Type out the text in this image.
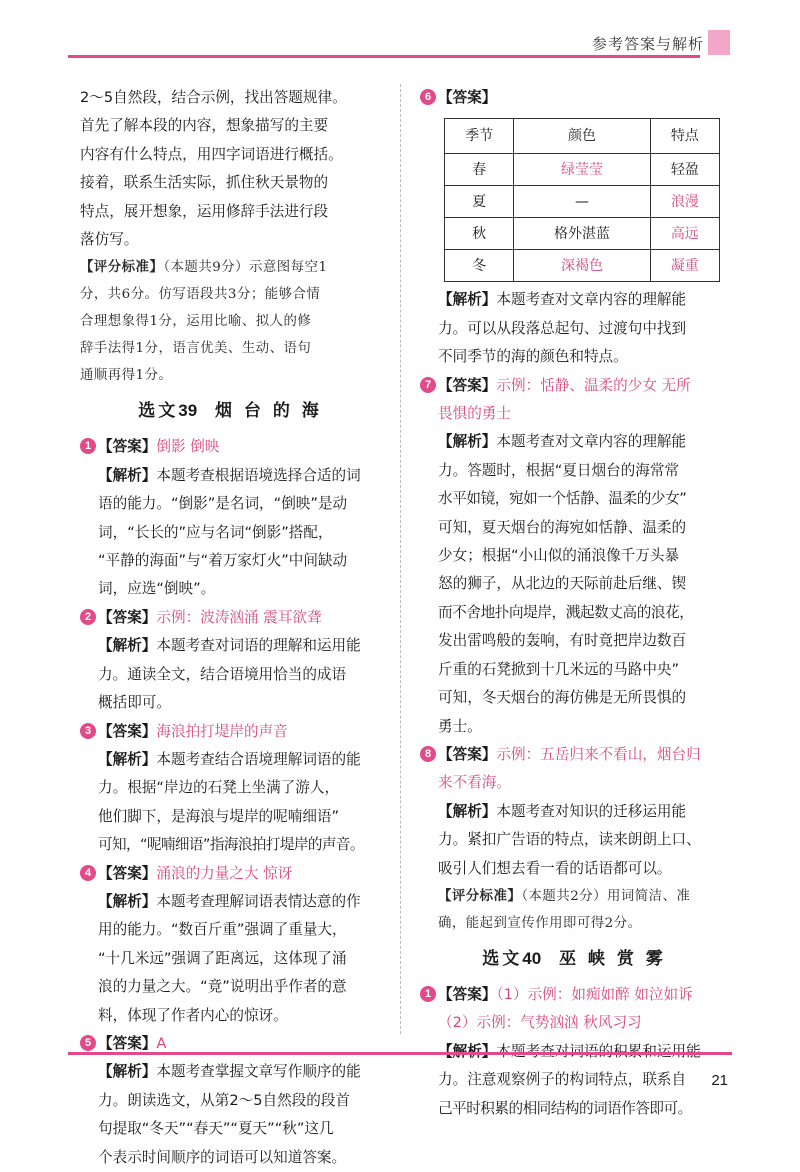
参考答案与解析

2～5自然段，结合示例，找出答题规律。

首先了解本段的内容，想象描写的主要

内容有什么特点，用四字词语进行概括。

接着，联系生活实际，抓住秋天景物的

特点，展开想象，运用修辞手法进行段

落仿写。

【评分标准】（本题共9分）示意图每空1

分，共6分。仿写语段共3分；能够合情

合理想象得1分，运用比喻、拟人的修

辞手法得1分，语言优美、生动、语句

通顺再得1分。

选文39 烟 台 的 海

1 【答案】倒影 倒映

【解析】本题考查根据语境选择合适的词

语的能力。“倒影”是名词，“倒映”是动

词，“长长的”应与名词“倒影”搭配，

“平静的海面”与“着万家灯火”中间缺动

词，应选“倒映”。

2 【答案】示例：波涛汹涌 震耳欲聋

【解析】本题考查对词语的理解和运用能

力。通读全文，结合语境用恰当的成语

概括即可。

3 【答案】海浪拍打堤岸的声音

【解析】本题考查结合语境理解词语的能

力。根据“岸边的石凳上坐满了游人，

他们脚下，是海浪与堤岸的呢喃细语”

可知，“呢喃细语”指海浪拍打堤岸的声音。

4 【答案】涌浪的力量之大 惊讶

【解析】本题考查理解词语表情达意的作

用的能力。“数百斤重”强调了重量大，

“十几米远”强调了距离远，这体现了涌

浪的力量之大。“竟”说明出乎作者的意

料，体现了作者内心的惊讶。

5 【答案】A

【解析】本题考查掌握文章写作顺序的能

力。朗读选文，从第2～5自然段的段首

句提取“冬天”“春天”“夏天”“秋”这几

个表示时间顺序的词语可以知道答案。

6 【答案】

季节	颜色	特点
春	绿莹莹	轻盈
夏	—	浪漫
秋	格外湛蓝	高远
冬	深褐色	凝重

【解析】本题考查对文章内容的理解能

力。可以从段落总起句、过渡句中找到

不同季节的海的颜色和特点。

7 【答案】示例：恬静、温柔的少女 无所

畏惧的勇士

【解析】本题考查对文章内容的理解能

力。答题时，根据“夏日烟台的海常常

水平如镜，宛如一个恬静、温柔的少女”

可知，夏天烟台的海宛如恬静、温柔的

少女；根据“小山似的涌浪像千万头暴

怒的狮子，从北边的天际前赴后继、锲

而不舍地扑向堤岸，溅起数丈高的浪花，

发出雷鸣般的轰响，有时竟把岸边数百

斤重的石凳掀到十几米远的马路中央”

可知，冬天烟台的海仿佛是无所畏惧的

勇士。

8 【答案】示例：五岳归来不看山，烟台归

来不看海。

【解析】本题考查对知识的迁移运用能

力。紧扣广告语的特点，读来朗朗上口、

吸引人们想去看一看的话语都可以。

【评分标准】（本题共2分）用词简洁、准

确，能起到宣传作用即可得2分。

选文40 巫 峡 赏 雾

1 【答案】（1）示例：如痴如醉 如泣如诉

（2）示例：气势汹汹 秋风习习

力。注意观察例子的构词特点，联系自

己平时积累的相同结构的词语作答即可。

21
